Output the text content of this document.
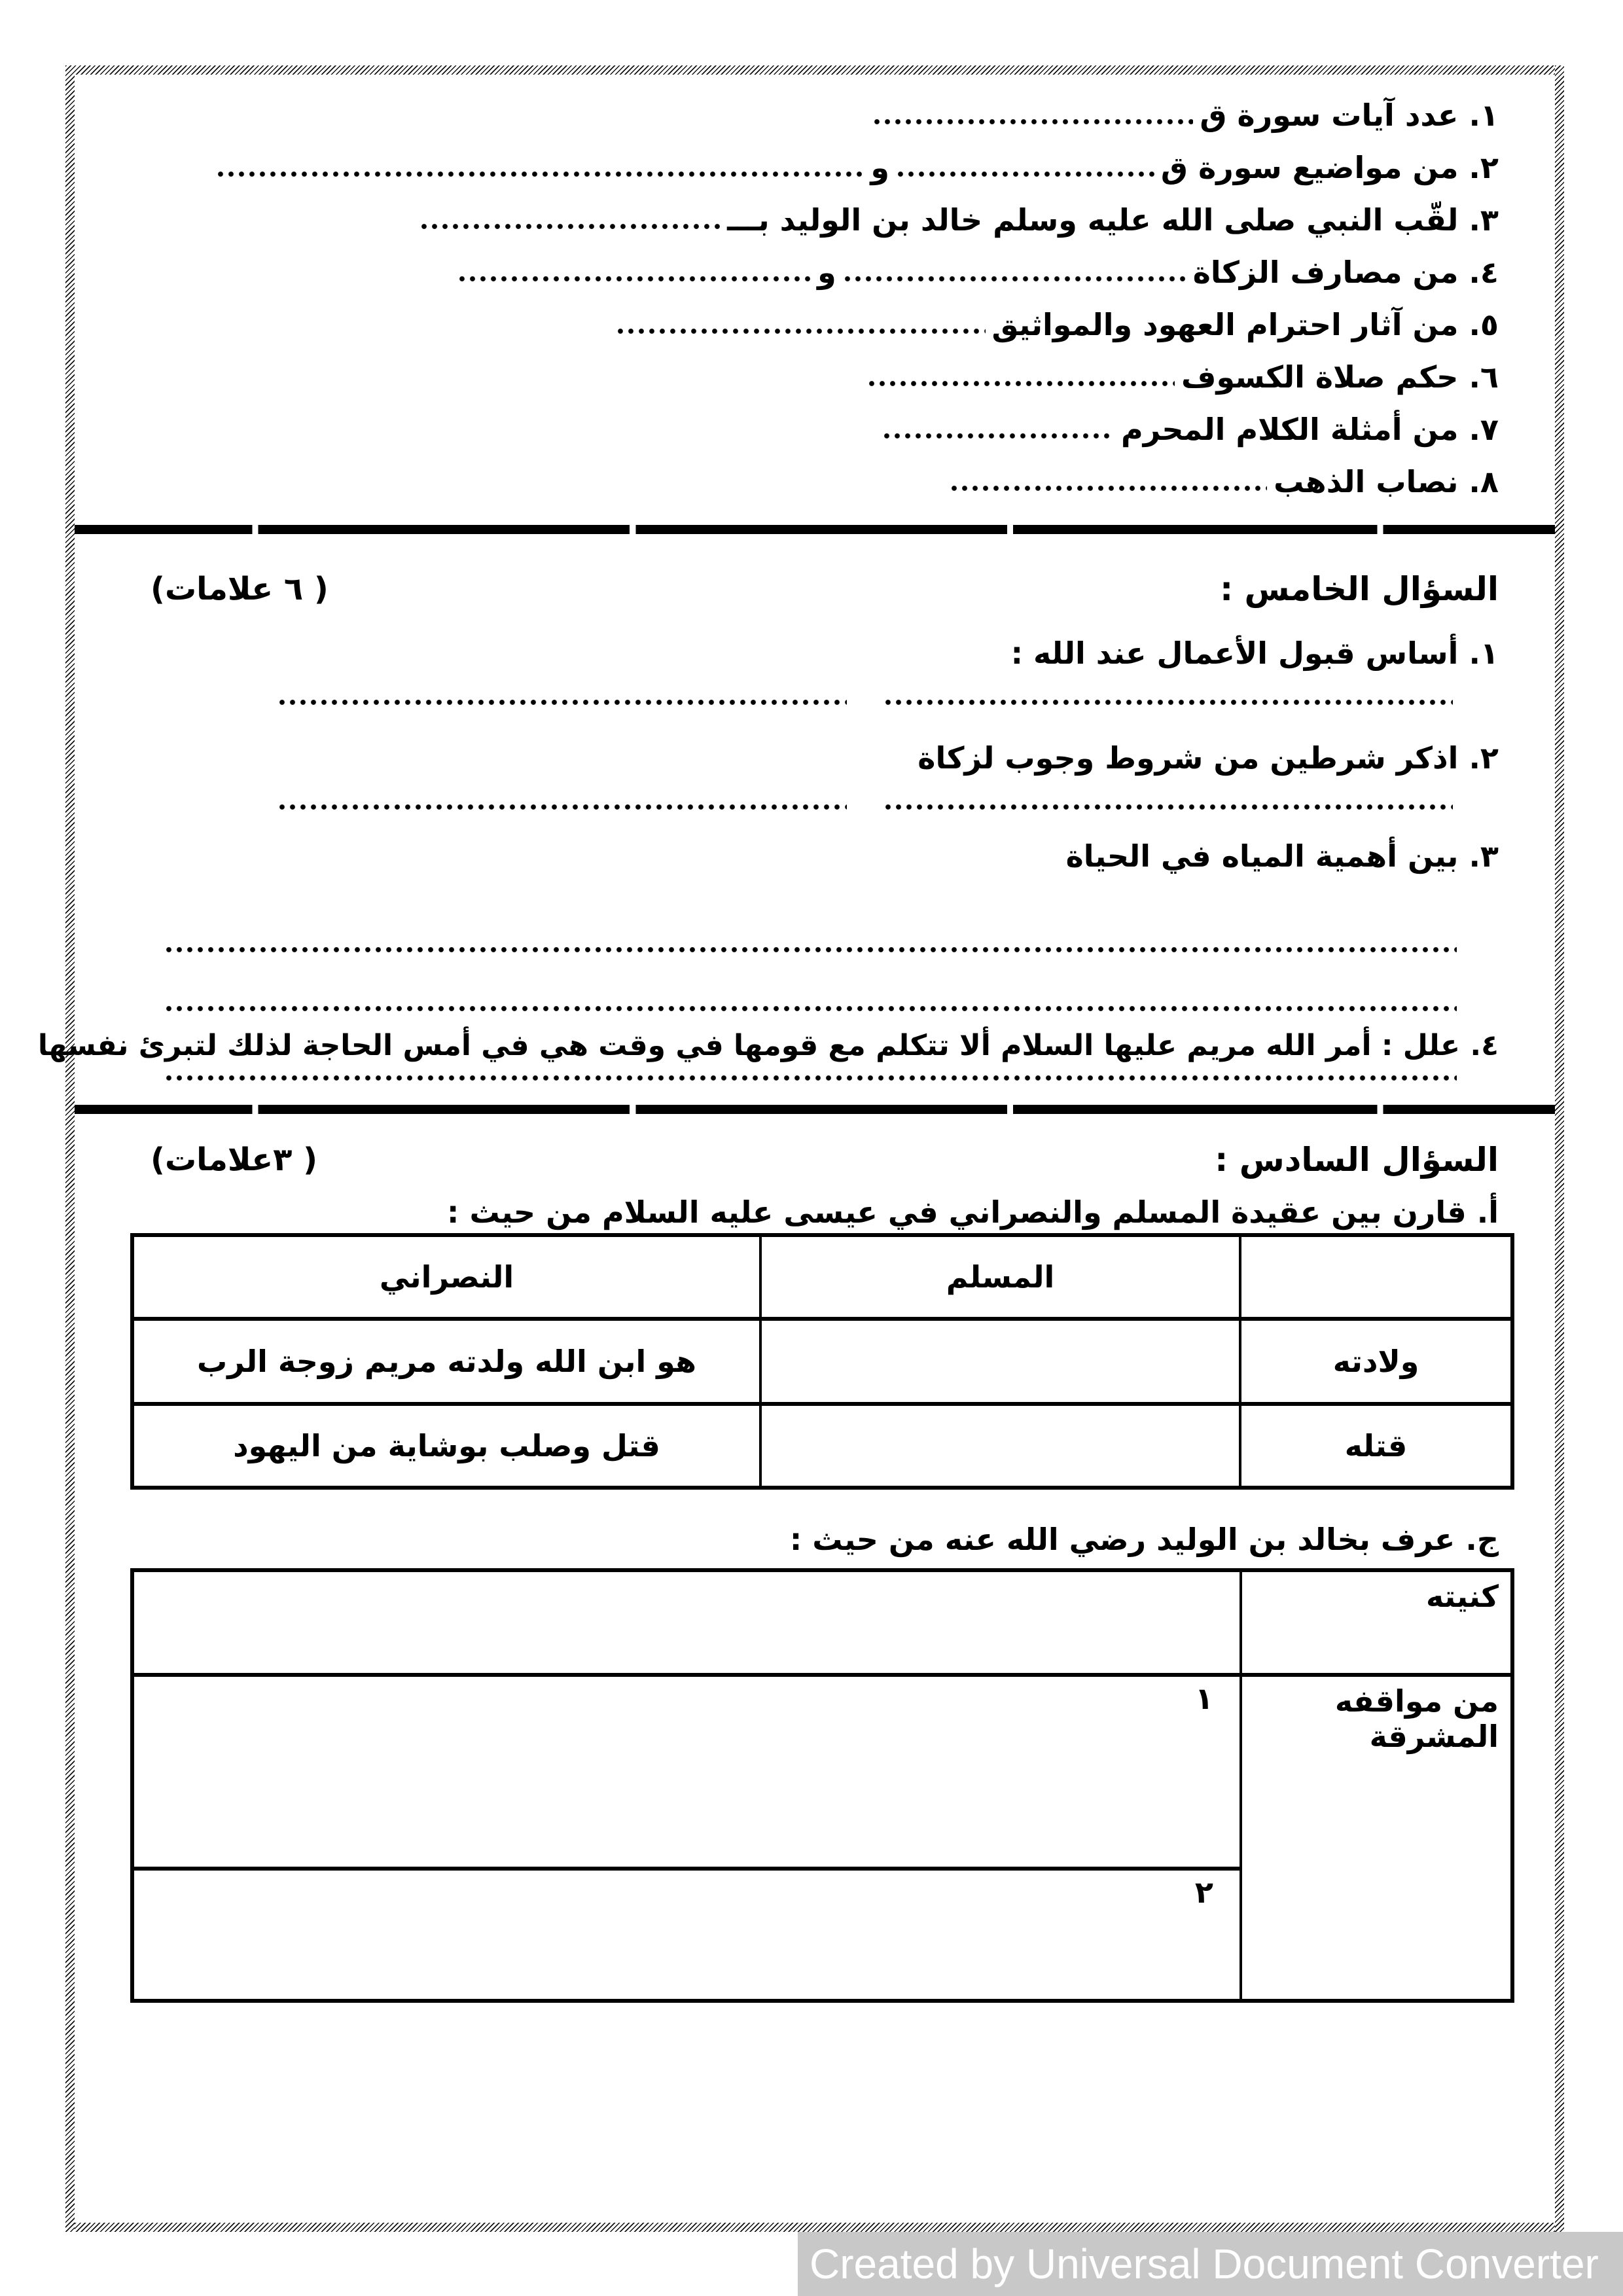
١. عدد آيات سورة ق
٢. من مواضيع سورة قو
٣. لقّب النبي صلى الله عليه وسلم خالد بن الوليد بـــ
٤. من مصارف الزكاةو
٥. من آثار احترام العهود والمواثيق
٦. حكم صلاة الكسوف
٧. من أمثلة الكلام المحرم
٨. نصاب الذهب
السؤال الخامس :
( ٦ علامات)
١. أساس قبول الأعمال عند الله :
٢. اذكر شرطين من شروط وجوب لزكاة
٣. بين أهمية المياه في الحياة
٤. علل : أمر الله مريم عليها السلام ألا تتكلم مع قومها في وقت هي في أمس الحاجة لذلك لتبرئ نفسها
السؤال السادس :
( ٣علامات)
أ. قارن بين عقيدة المسلم والنصراني في عيسى عليه السلام من حيث :
	المسلم	النصراني
ولادته		هو ابن الله ولدته مريم زوجة الرب
قتله		قتل وصلب بوشاية من اليهود
ج. عرف بخالد بن الوليد رضي الله عنه من حيث :
كنيته	
من مواقفه المشرقة	١
	٢
Created by Universal Document Converter
